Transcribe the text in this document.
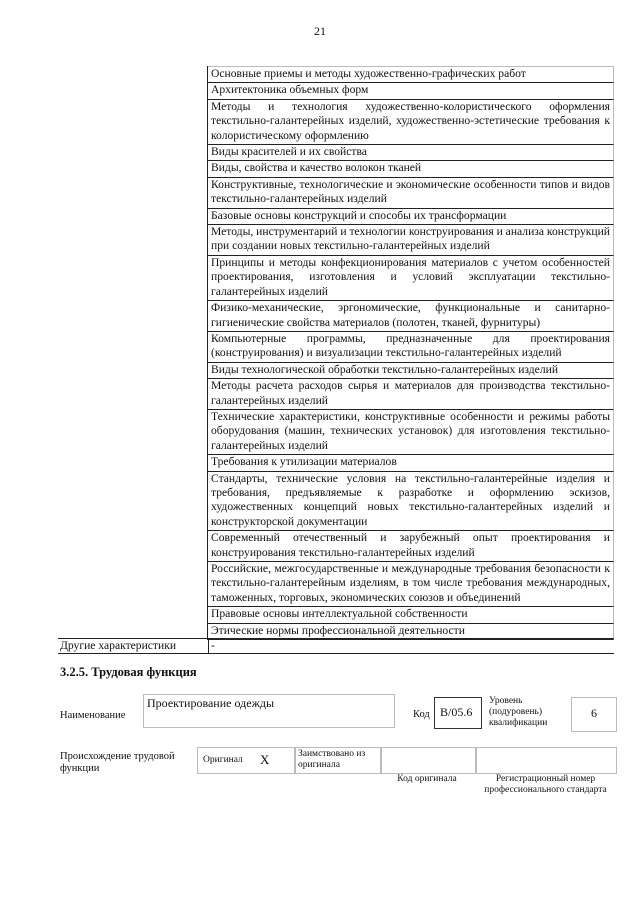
21

Основные приемы и методы художественно-графических работ
Архитектоника объемных форм
Методы и технология художественно-колористического оформления текстильно-галантерейных изделий, художественно-эстетические требования к колористическому оформлению
Виды красителей и их свойства
Виды, свойства и качество волокон тканей
Конструктивные, технологические и экономические особенности типов и видов текстильно-галантерейных изделий
Базовые основы конструкций и способы их трансформации
Методы, инструментарий и технологии конструирования и анализа конструкций при создании новых текстильно-галантерейных изделий
Принципы и методы конфекционирования материалов с учетом особенностей проектирования, изготовления и условий эксплуатации текстильно-галантерейных изделий
Физико-механические, эргономические, функциональные и санитарно-гигиенические свойства материалов (полотен, тканей, фурнитуры)
Компьютерные программы, предназначенные для проектирования (конструирования) и визуализации текстильно-галантерейных изделий
Виды технологической обработки текстильно-галантерейных изделий
Методы расчета расходов сырья и материалов для производства текстильно-галантерейных изделий
Технические характеристики, конструктивные особенности и режимы работы оборудования (машин, технических установок) для изготовления текстильно-галантерейных изделий
Требования к утилизации материалов
Стандарты, технические условия на текстильно-галантерейные изделия и требования, предъявляемые к разработке и оформлению эскизов, художественных концепций новых текстильно-галантерейных изделий и конструкторской документации
Современный отечественный и зарубежный опыт проектирования и конструирования текстильно-галантерейных изделий
Российские, межгосударственные и международные требования безопасности к текстильно-галантерейным изделиям, в том числе требования международных, таможенных, торговых, экономических союзов и объединений
Правовые основы интеллектуальной собственности
Этические нормы профессиональной деятельности
Другие характеристики	-
3.2.5. Трудовая функция
Наименование
Проектирование одежды
Код B/05.6
Уровень (подуровень) квалификации
6
Происхождение трудовой функции
Оригинал X	Заимствовано из оригинала
Код оригинала	Регистрационный номер профессионального стандарта
